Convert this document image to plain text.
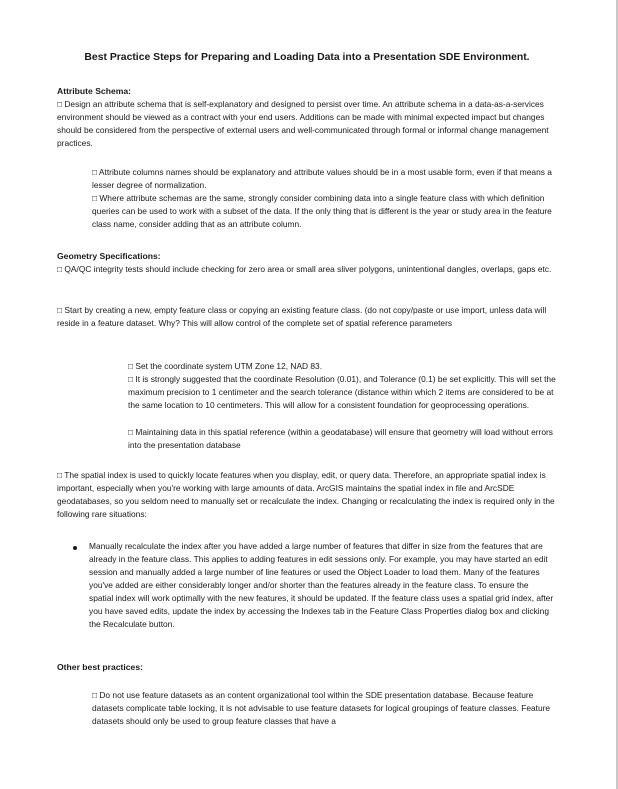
Best Practice Steps for Preparing and Loading Data into a Presentation SDE Environment.
Attribute Schema:

□ Design an attribute schema that is self-explanatory and designed to persist over time. An attribute schema in a data-as-a-services environment should be viewed as a contract with your end users. Additions can be made with minimal expected impact but changes should be considered from the perspective of external users and well-communicated through formal or informal change management practices.

□ Attribute columns names should be explanatory and attribute values should be in a most usable form, even if that means a lesser degree of normalization.

□ Where attribute schemas are the same, strongly consider combining data into a single feature class with which definition queries can be used to work with a subset of the data. If the only thing that is different is the year or study area in the feature class name, consider adding that as an attribute column.

Geometry Specifications:

□ QA/QC integrity tests should include checking for zero area or small area sliver polygons, unintentional dangles, overlaps, gaps etc.

□ Start by creating a new, empty feature class or copying an existing feature class. (do not copy/paste or use import, unless data will reside in a feature dataset. Why? This will allow control of the complete set of spatial reference parameters

□ Set the coordinate system UTM Zone 12, NAD 83.

□ It is strongly suggested that the coordinate Resolution (0.01), and Tolerance (0.1) be set explicitly. This will set the maximum precision to 1 centimeter and the search tolerance (distance within which 2 items are considered to be at the same location to 10 centimeters. This will allow for a consistent foundation for geoprocessing operations.

□ Maintaining data in this spatial reference (within a geodatabase) will ensure that geometry will load without errors into the presentation database

□ The spatial index is used to quickly locate features when you display, edit, or query data. Therefore, an appropriate spatial index is important, especially when you're working with large amounts of data. ArcGIS maintains the spatial index in file and ArcSDE geodatabases, so you seldom need to manually set or recalculate the index. Changing or recalculating the index is required only in the following rare situations:

Manually recalculate the index after you have added a large number of features that differ in size from the features that are already in the feature class. This applies to adding features in edit sessions only. For example, you may have started an edit session and manually added a large number of line features or used the Object Loader to load them. Many of the features you've added are either considerably longer and/or shorter than the features already in the feature class. To ensure the spatial index will work optimally with the new features, it should be updated. If the feature class uses a spatial grid index, after you have saved edits, update the index by accessing the Indexes tab in the Feature Class Properties dialog box and clicking the Recalculate button.

Other best practices:

□ Do not use feature datasets as an content organizational tool within the SDE presentation database. Because feature datasets complicate table locking, it is not advisable to use feature datasets for logical groupings of feature classes. Feature datasets should only be used to group feature classes that have a
